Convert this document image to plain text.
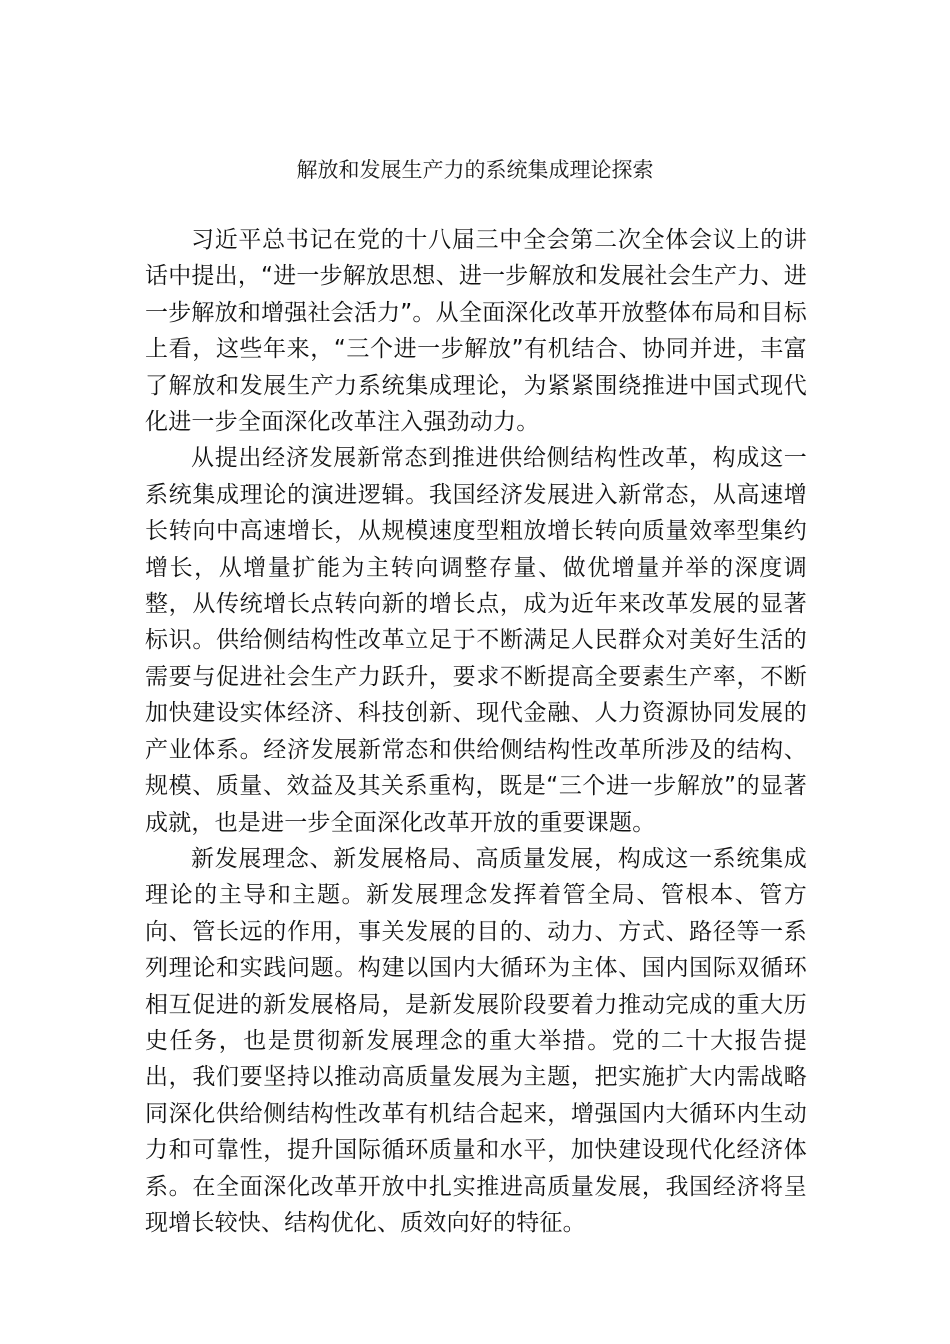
解放和发展生产力的系统集成理论探索

习近平总书记在党的十八届三中全会第二次全体会议上的讲话中提出，“进一步解放思想、进一步解放和发展社会生产力、进一步解放和增强社会活力”。从全面深化改革开放整体布局和目标上看，这些年来，“三个进一步解放”有机结合、协同并进，丰富了解放和发展生产力系统集成理论，为紧紧围绕推进中国式现代化进一步全面深化改革注入强劲动力。

从提出经济发展新常态到推进供给侧结构性改革，构成这一系统集成理论的演进逻辑。我国经济发展进入新常态，从高速增长转向中高速增长，从规模速度型粗放增长转向质量效率型集约增长，从增量扩能为主转向调整存量、做优增量并举的深度调整，从传统增长点转向新的增长点，成为近年来改革发展的显著标识。供给侧结构性改革立足于不断满足人民群众对美好生活的需要与促进社会生产力跃升，要求不断提高全要素生产率，不断加快建设实体经济、科技创新、现代金融、人力资源协同发展的产业体系。经济发展新常态和供给侧结构性改革所涉及的结构、规模、质量、效益及其关系重构，既是“三个进一步解放”的显著成就，也是进一步全面深化改革开放的重要课题。

新发展理念、新发展格局、高质量发展，构成这一系统集成理论的主导和主题。新发展理念发挥着管全局、管根本、管方向、管长远的作用，事关发展的目的、动力、方式、路径等一系列理论和实践问题。构建以国内大循环为主体、国内国际双循环相互促进的新发展格局，是新发展阶段要着力推动完成的重大历史任务，也是贯彻新发展理念的重大举措。党的二十大报告提出，我们要坚持以推动高质量发展为主题，把实施扩大内需战略同深化供给侧结构性改革有机结合起来，增强国内大循环内生动力和可靠性，提升国际循环质量和水平，加快建设现代化经济体系。在全面深化改革开放中扎实推进高质量发展，我国经济将呈现增长较快、结构优化、质效向好的特征。
